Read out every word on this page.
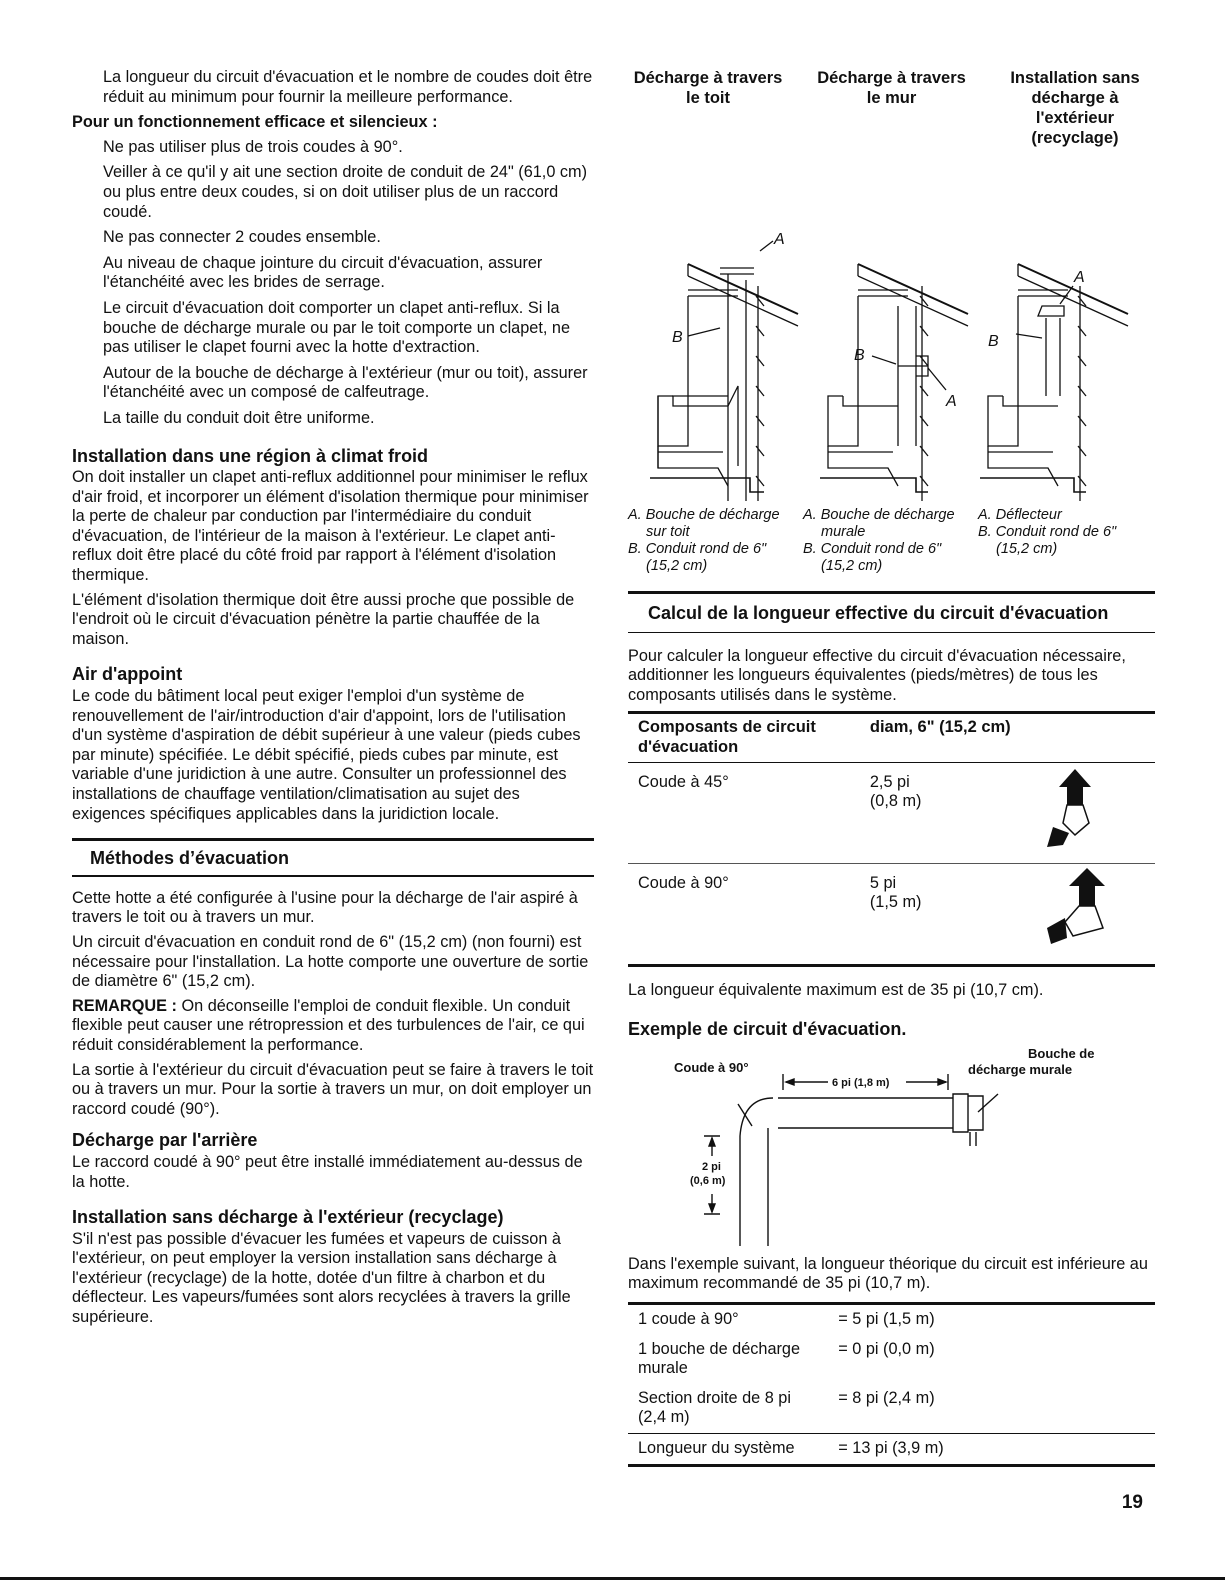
La longueur du circuit d'évacuation et le nombre de coudes doit être réduit au minimum pour fournir la meilleure performance.

Pour un fonctionnement efficace et silencieux :

Ne pas utiliser plus de trois coudes à 90°.

Veiller à ce qu'il y ait une section droite de conduit de 24" (61,0 cm) ou plus entre deux coudes, si on doit utiliser plus de un raccord coudé.

Ne pas connecter 2 coudes ensemble.

Au niveau de chaque jointure du circuit d'évacuation, assurer l'étanchéité avec les brides de serrage.

Le circuit d'évacuation doit comporter un clapet anti-reflux. Si la bouche de décharge murale ou par le toit comporte un clapet, ne pas utiliser le clapet fourni avec la hotte d'extraction.

Autour de la bouche de décharge à l'extérieur (mur ou toit), assurer l'étanchéité avec un composé de calfeutrage.

La taille du conduit doit être uniforme.

Installation dans une région à climat froid

On doit installer un clapet anti-reflux additionnel pour minimiser le reflux d'air froid, et incorporer un élément d'isolation thermique pour minimiser la perte de chaleur par conduction par l'intermédiaire du conduit d'évacuation, de l'intérieur de la maison à l'extérieur. Le clapet anti-reflux doit être placé du côté froid par rapport à l'élément d'isolation thermique.

L'élément d'isolation thermique doit être aussi proche que possible de l'endroit où le circuit d'évacuation pénètre la partie chauffée de la maison.

Air d'appoint

Le code du bâtiment local peut exiger l'emploi d'un système de renouvellement de l'air/introduction d'air d'appoint, lors de l'utilisation d'un système d'aspiration de débit supérieur à une valeur (pieds cubes par minute) spécifiée. Le débit spécifié, pieds cubes par minute, est variable d'une juridiction à une autre. Consulter un professionnel des installations de chauffage ventilation/climatisation au sujet des exigences spécifiques applicables dans la juridiction locale.

Méthodes d’évacuation

Cette hotte a été configurée à l'usine pour la décharge de l'air aspiré à travers le toit ou à travers un mur.

Un circuit d'évacuation en conduit rond de 6" (15,2 cm) (non fourni) est nécessaire pour l'installation. La hotte comporte une ouverture de sortie de diamètre 6" (15,2 cm).

REMARQUE : On déconseille l'emploi de conduit flexible. Un conduit flexible peut causer une rétropression et des turbulences de l'air, ce qui réduit considérablement la performance.

La sortie à l'extérieur du circuit d'évacuation peut se faire à travers le toit ou à travers un mur. Pour la sortie à travers un mur, on doit employer un raccord coudé (90°).

Décharge par l'arrière

Le raccord coudé à 90° peut être installé immédiatement au-dessus de la hotte.

Installation sans décharge à l'extérieur (recyclage)

S'il n'est pas possible d'évacuer les fumées et vapeurs de cuisson à l'extérieur, on peut employer la version installation sans décharge à l'extérieur (recyclage) de la hotte, dotée d'un filtre à charbon et du déflecteur. Les vapeurs/fumées sont alors recyclées à travers la grille supérieure.

Décharge à travers le toit
Décharge à travers le mur
Installation sans décharge à l'extérieur (recyclage)
A
B
B
A
A
B

A. Bouche de décharge sur toit

B. Conduit rond de 6" (15,2 cm)

A. Bouche de décharge murale

B. Conduit rond de 6" (15,2 cm)

A. Déflecteur

B. Conduit rond de 6" (15,2 cm)

Calcul de la longueur effective du circuit d'évacuation

Pour calculer la longueur effective du circuit d'évacuation nécessaire, additionner les longueurs équivalentes (pieds/mètres) de tous les composants utilisés dans le système.

Composants de circuit d'évacuation	diam, 6" (15,2 cm)
Coude à 45°	2,5 pi
(0,8 m)

Coude à 90°	5 pi
(1,5 m)

La longueur équivalente maximum est de 35 pi (10,7 cm).

Exemple de circuit d'évacuation.

Coude à 90°
6 pi (1,8 m)
Bouche de
décharge murale
2 pi
(0,6 m)

Dans l'exemple suivant, la longueur théorique du circuit est inférieure au maximum recommandé de 35 pi (10,7 m).

1 coude à 90°	= 5 pi (1,5 m)
1 bouche de décharge murale	= 0 pi (0,0 m)
Section droite de 8 pi (2,4 m)	= 8 pi (2,4 m)
Longueur du système	= 13 pi (3,9 m)
19
